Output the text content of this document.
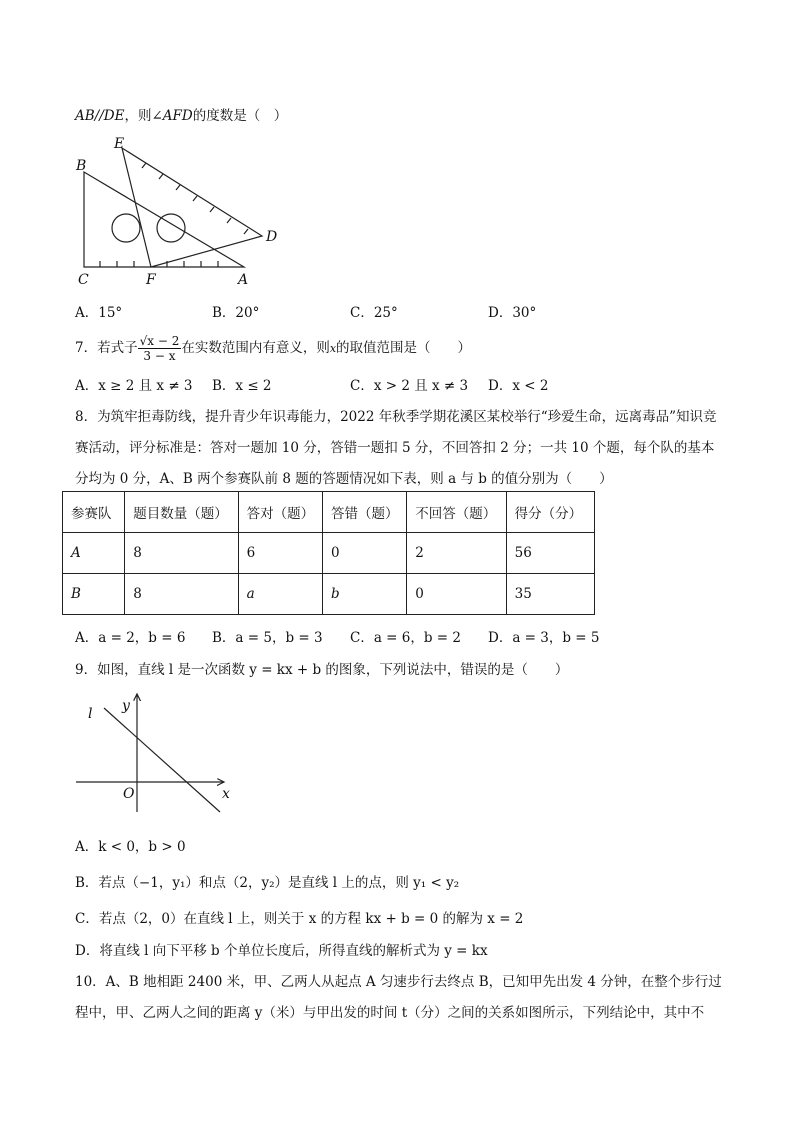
AB//DE，则∠AFD的度数是（　）
E
B
C	F	A
D
A．15°	B．20°	C．25°	D．30°
7．若式子 $\frac{√x - 2}{3 - x}$ 在实数范围内有意义，则x的取值范围是（　　）
A．x ≥ 2 且 x ≠ 3 B．x ≤ 2	C．x > 2 且 x ≠ 3 D．x < 2
8．为筑牢拒毒防线，提升青少年识毒能力，2022 年秋季学期花溪区某校举行“珍爱生命，远离毒品”知识竞
赛活动，评分标准是：答对一题加 10 分，答错一题扣 5 分，不回答扣 2 分；一共 10 个题，每个队的基本
分均为 0 分，A、B 两个参赛队前 8 题的答题情况如下表，则 a 与 b 的值分别为（　　）
参赛队	题目数量（题）	答对（题）	答错（题）	不回答（题）	得分（分）
A	8	6	0	2	56
B	8	a	b	0	35
A．a = 2，b = 6 B．a = 5，b = 3 C．a = 6，b = 2 D．a = 3，b = 5
9．如图，直线 l 是一次函数 y = kx + b 的图象，下列说法中，错误的是（　　）
l y
O	x
A．k < 0，b > 0
B．若点（−1，y₁）和点（2，y₂）是直线 l 上的点，则 y₁ < y₂
C．若点（2，0）在直线 l 上，则关于 x 的方程 kx + b = 0 的解为 x = 2
D．将直线 l 向下平移 b 个单位长度后，所得直线的解析式为 y = kx
10．A、B 地相距 2400 米，甲、乙两人从起点 A 匀速步行去终点 B，已知甲先出发 4 分钟，在整个步行过
程中，甲、乙两人之间的距离 y（米）与甲出发的时间 t（分）之间的关系如图所示，下列结论中，其中不
